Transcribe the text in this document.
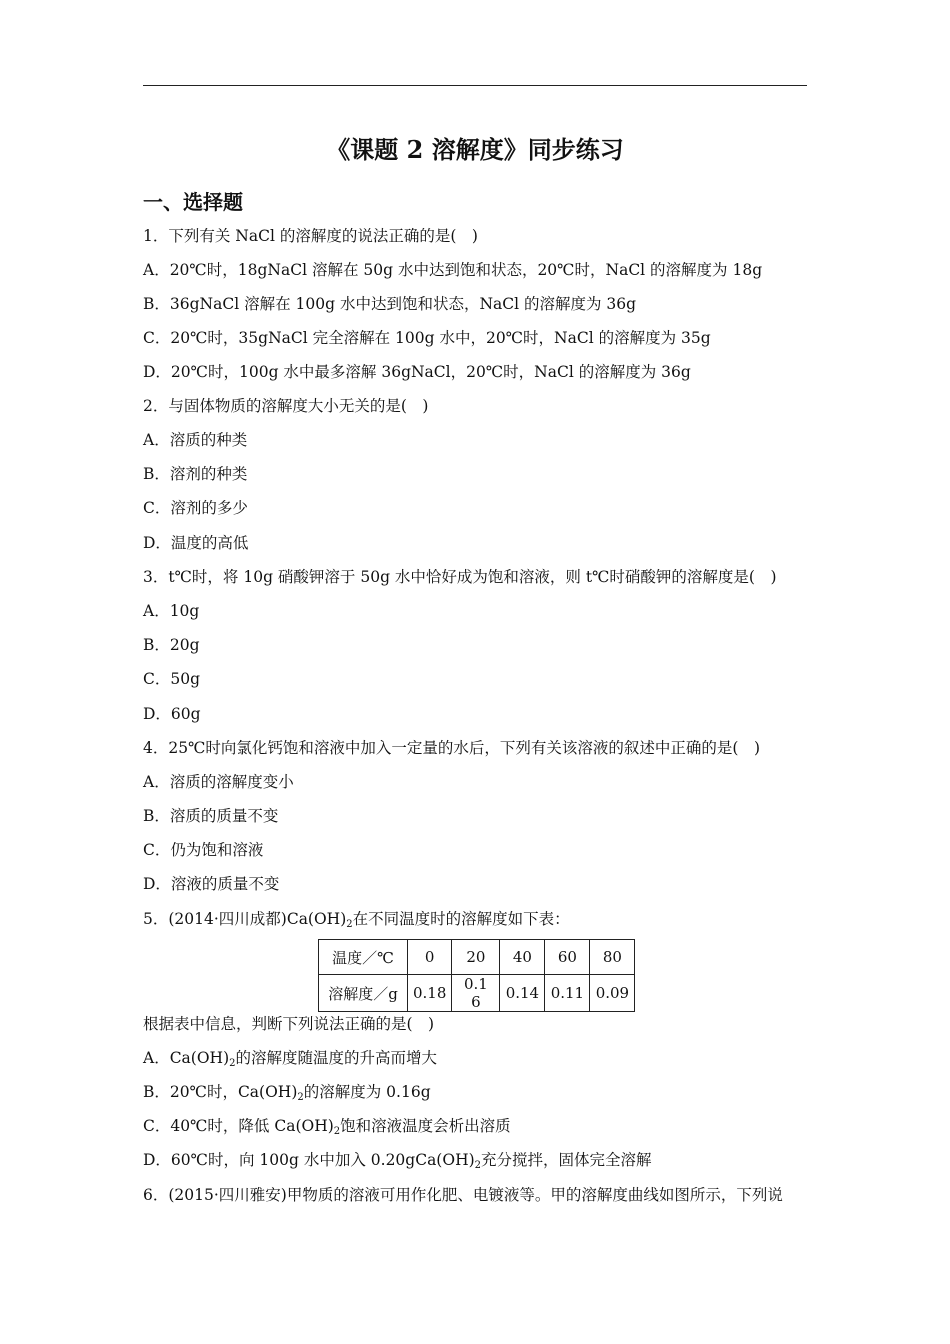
《课题 2 溶解度》同步练习
一、选择题
1．下列有关 NaCl 的溶解度的说法正确的是(　)
A．20℃时，18gNaCl 溶解在 50g 水中达到饱和状态，20℃时，NaCl 的溶解度为 18g
B．36gNaCl 溶解在 100g 水中达到饱和状态，NaCl 的溶解度为 36g
C．20℃时，35gNaCl 完全溶解在 100g 水中，20℃时，NaCl 的溶解度为 35g
D．20℃时，100g 水中最多溶解 36gNaCl，20℃时，NaCl 的溶解度为 36g
2．与固体物质的溶解度大小无关的是(　)
A．溶质的种类
B．溶剂的种类
C．溶剂的多少
D．温度的高低
3．t℃时，将 10g 硝酸钾溶于 50g 水中恰好成为饱和溶液，则 t℃时硝酸钾的溶解度是(　)
A．10g
B．20g
C．50g
D．60g
4．25℃时向氯化钙饱和溶液中加入一定量的水后，下列有关该溶液的叙述中正确的是(　)
A．溶质的溶解度变小
B．溶质的质量不变
C．仍为饱和溶液
D．溶液的质量不变
5．(2014·四川成都)$Ca(OH)_2$在不同温度时的溶解度如下表：
温度／℃	0	20	40	60	80
溶解度／g	0.18	0.1 6	0.14	0.11	0.09
根据表中信息，判断下列说法正确的是(　)
A．$Ca(OH)_2$的溶解度随温度的升高而增大
B．20℃时，$Ca(OH)_2$的溶解度为 0.16g
C．40℃时，降低 $Ca(OH)_2$饱和溶液温度会析出溶质
D．60℃时，向 100g 水中加入 $0.20gCa(OH)_2$充分搅拌，固体完全溶解
6．(2015·四川雅安)甲物质的溶液可用作化肥、电镀液等。甲的溶解度曲线如图所示，下列说
